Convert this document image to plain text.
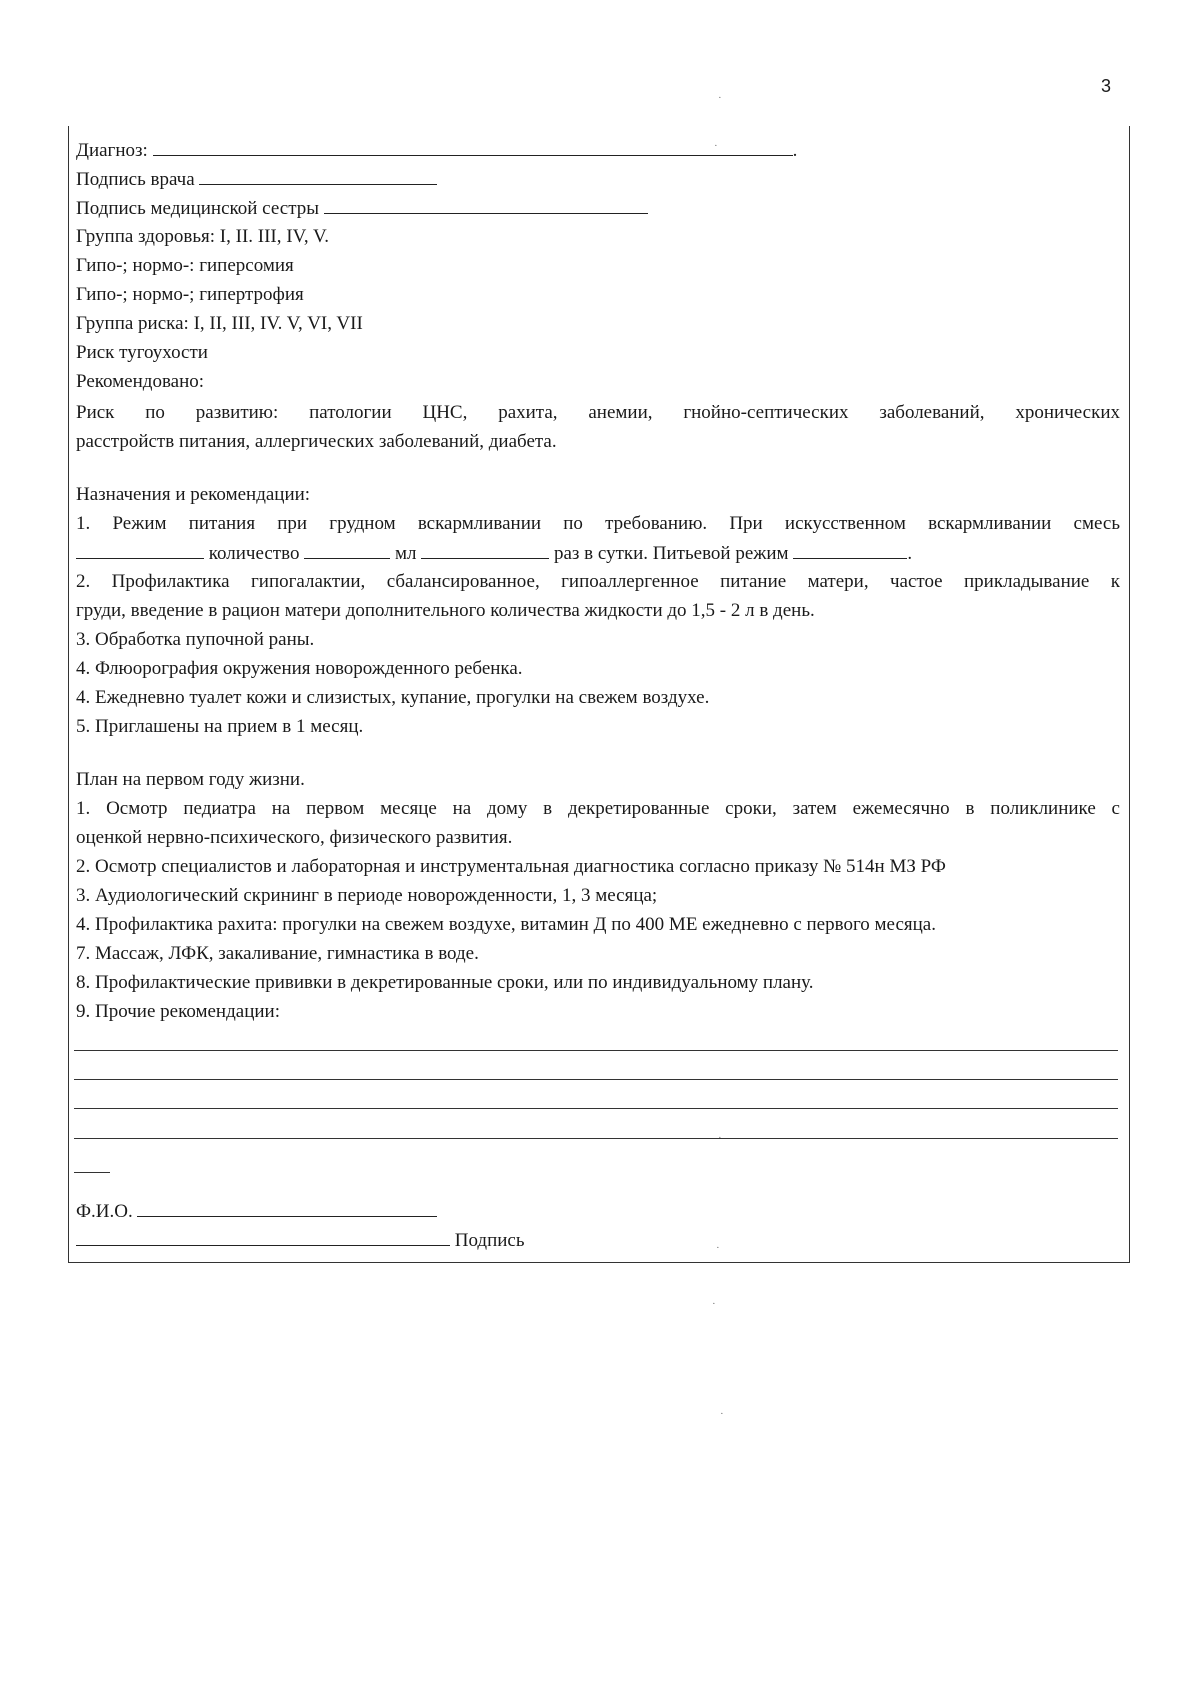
3
Диагноз:	.
Подпись врача
Подпись медицинской сестры
Группа здоровья: I, II. III, IV, V.
Гипо-; нормо-: гиперсомия
Гипо-; нормо-; гипертрофия
Группа риска: I, II, III, IV. V, VI, VII
Риск тугоухости
Рекомендовано:
Риск по развитию: патологии ЦНС, рахита, анемии, гнойно-септических заболеваний, хронических
расстройств питания, аллергических заболеваний, диабета.
Назначения и рекомендации:
1. Режим питания при грудном вскармливании по требованию. При искусственном вскармливании смесь
количество	мл	раз в сутки. Питьевой режим	.
2. Профилактика гипогалактии, сбалансированное, гипоаллергенное питание матери, частое прикладывание к
груди, введение в рацион матери дополнительного количества жидкости до 1,5 - 2 л в день.
3. Обработка пупочной раны.
4. Флюорография окружения новорожденного ребенка.
4. Ежедневно туалет кожи и слизистых, купание, прогулки на свежем воздухе.
5. Приглашены на прием в 1 месяц.
План на первом году жизни.
1. Осмотр педиатра на первом месяце на дому в декретированные сроки, затем ежемесячно в поликлинике с
оценкой нервно-психического, физического развития.
2. Осмотр специалистов и лабораторная и инструментальная диагностика согласно приказу № 514н МЗ РФ
3. Аудиологический скрининг в периоде новорожденности, 1, 3 месяца;
4. Профилактика рахита: прогулки на свежем воздухе, витамин Д по 400 МЕ ежедневно с первого месяца.
7. Массаж, ЛФК, закаливание, гимнастика в воде.
8. Профилактические прививки в декретированные сроки, или по индивидуальному плану.
9. Прочие рекомендации:
Ф.И.О.
Подпись
·
·
·
·
·
·
